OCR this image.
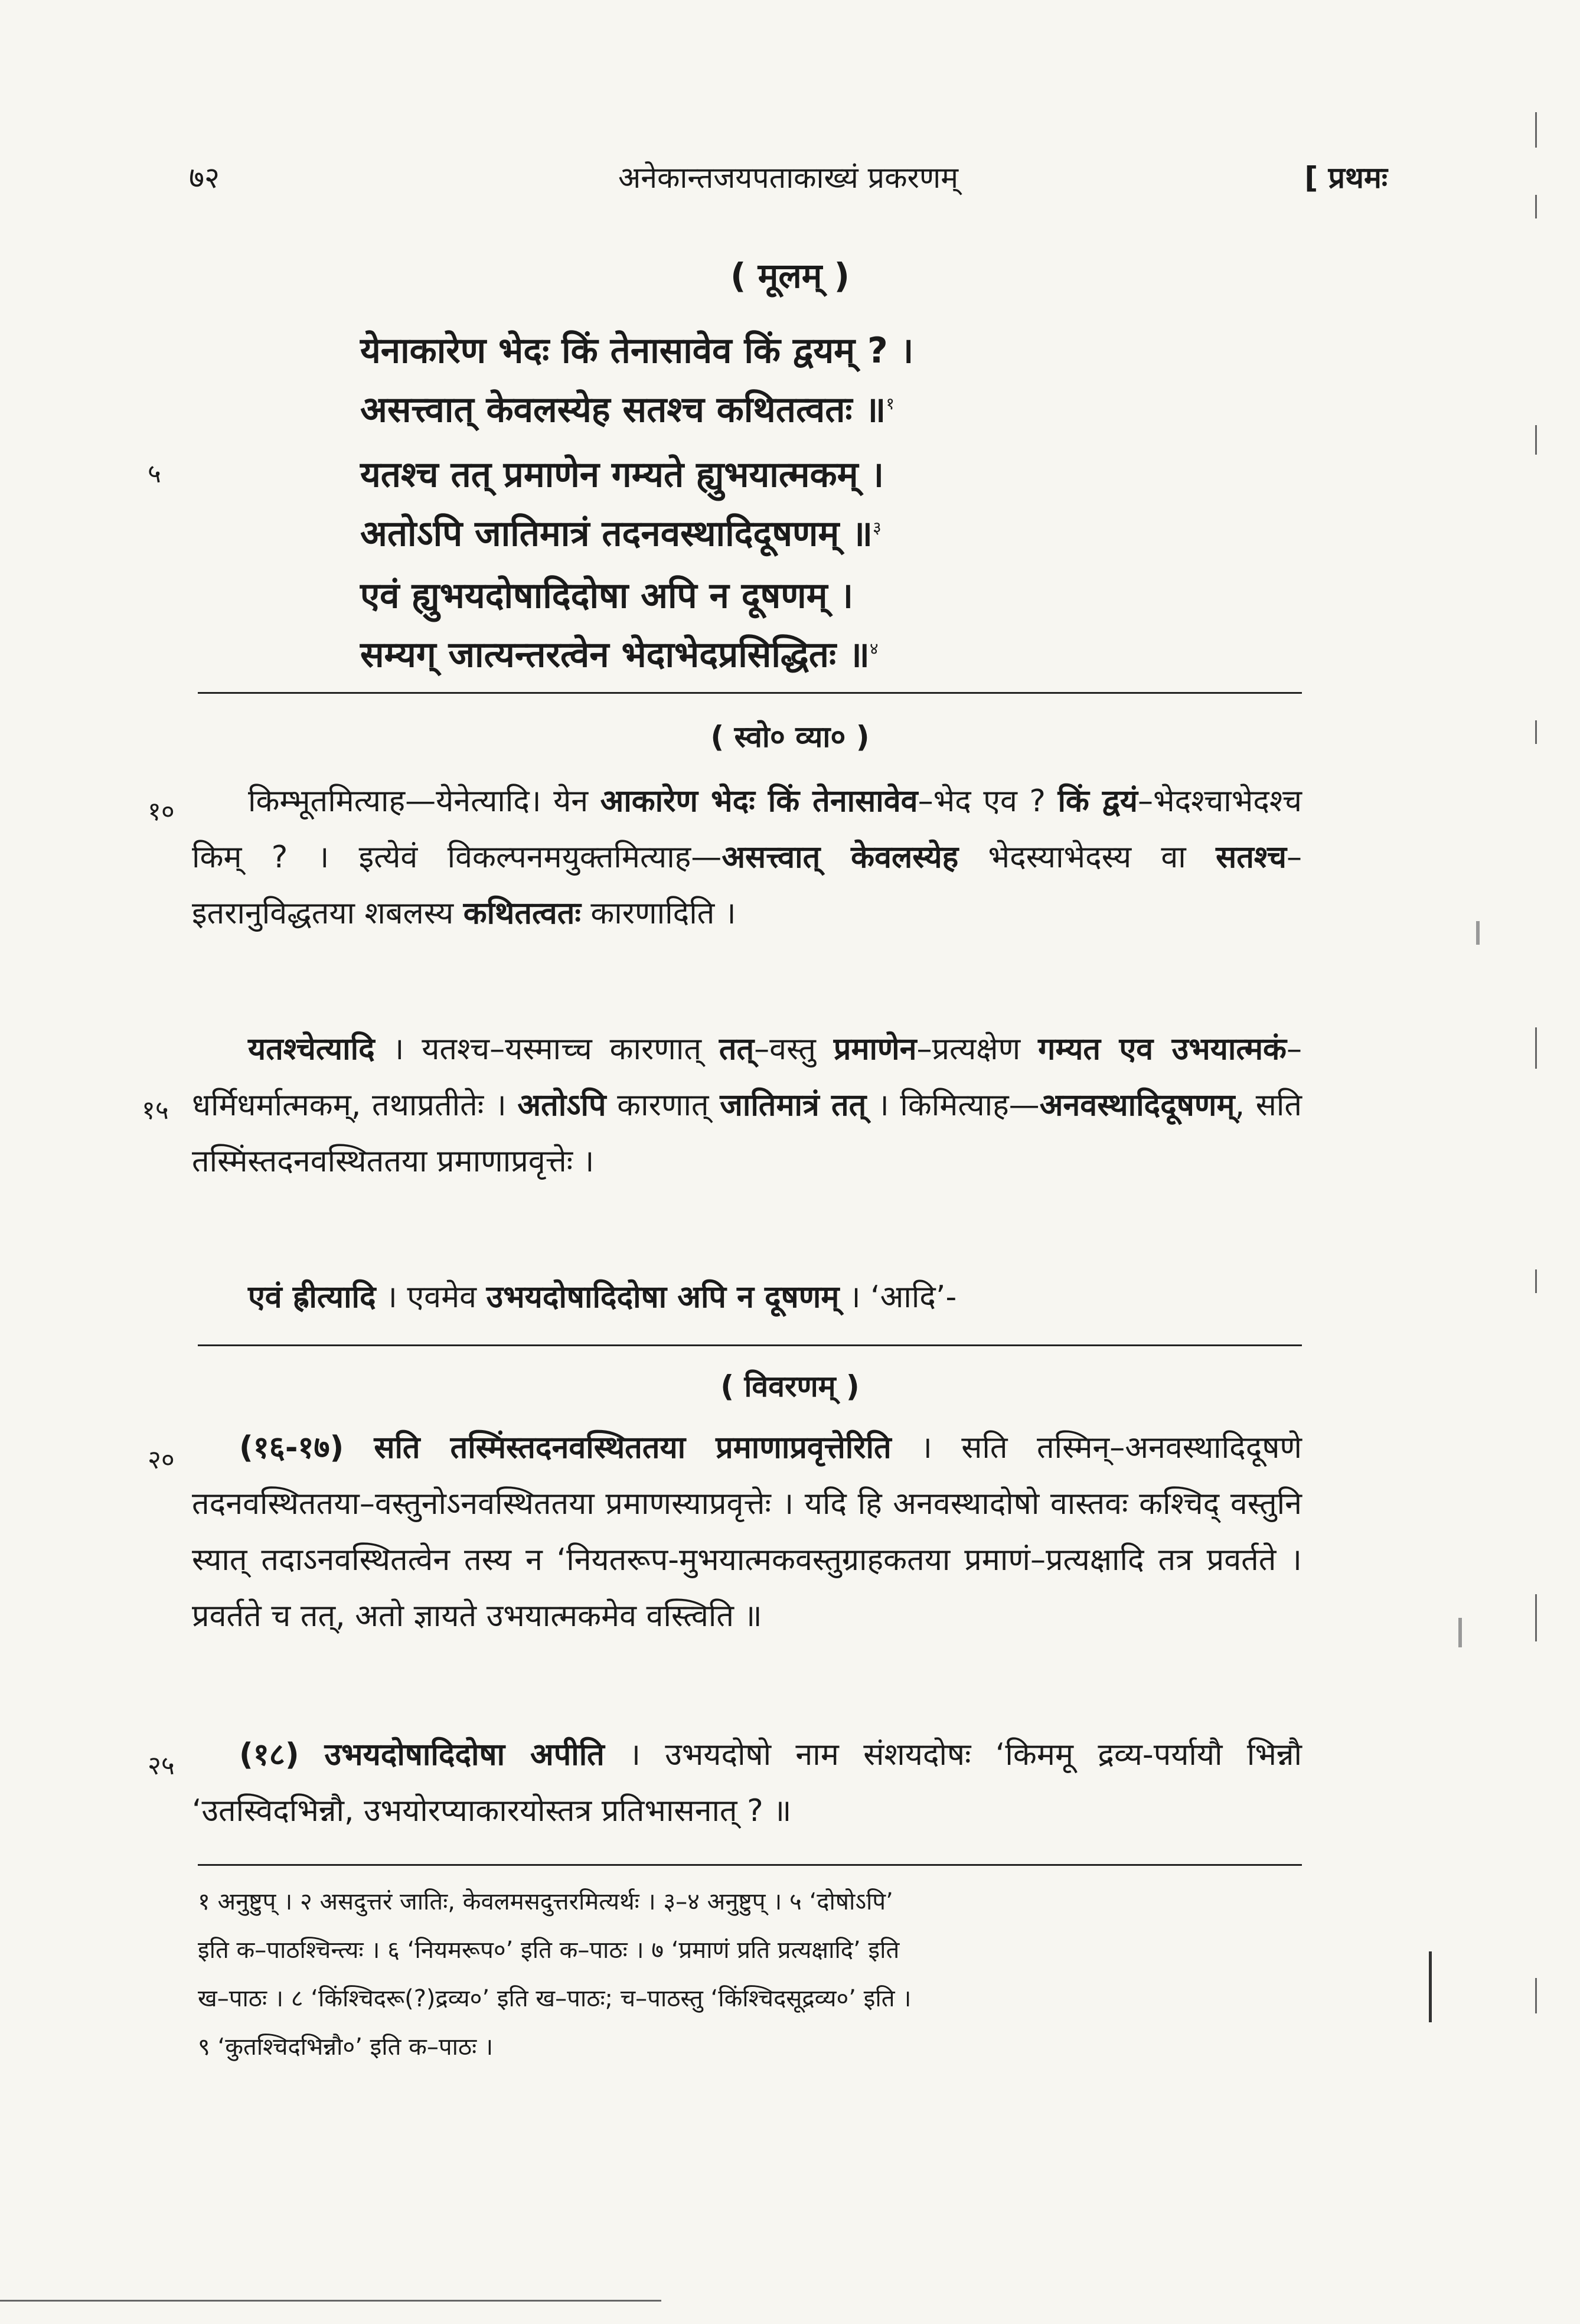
७२	अनेकान्तजयपताकाख्यं प्रकरणम्	[ प्रथमः
( मूलम् )
येनाकारेण भेदः किं तेनासावेव किं द्वयम् ? ।
असत्त्वात् केवलस्येह सतश्च कथितत्वतः ॥$^१$
यतश्च तत् प्रमाणेन गम्यते ह्युभयात्मकम् ।
अतोऽपि जातिमात्रं तदनवस्थादिदूषणम् ॥$^३$
एवं ह्युभयदोषादिदोषा अपि न दूषणम् ।
सम्यग् जात्यन्तरत्वेन भेदाभेदप्रसिद्धितः ॥$^४$
५
( स्वो० व्या० )
१०
१५

किम्भूतमित्याह—येनेत्यादि। येन आकारेण भेदः किं तेनासावेव–भेद एव ? किं द्वयं–भेदश्चाभेदश्च किम् ? । इत्येवं विकल्पनमयुक्तमित्याह—असत्त्वात् केवलस्येह भेदस्याभेदस्य वा सतश्च–इतरानुविद्धतया शबलस्य कथितत्वतः कारणादिति ।

यतश्चेत्यादि । यतश्च–यस्माच्च कारणात् तत्–वस्तु प्रमाणेन–प्रत्यक्षेण गम्यत एव उभयात्मकं–धर्मिधर्मात्मकम्, तथाप्रतीतेः । अतोऽपि कारणात् जातिमात्रं तत् । किमित्याह—अनवस्थादिदूषणम्, सति तस्मिंस्तदनवस्थिततया प्रमाणाप्रवृत्तेः ।

एवं ह्रीत्यादि । एवमेव उभयदोषादिदोषा अपि न दूषणम् । ‘आदि’-

( विवरणम् )
२०
२५

(१६-१७) सति तस्मिंस्तदनवस्थिततया प्रमाणाप्रवृत्तेरिति । सति तस्मिन्–अनवस्थादिदूषणे तदनवस्थिततया–वस्तुनोऽनवस्थिततया प्रमाणस्याप्रवृत्तेः । यदि हि अनवस्थादोषो वास्तवः कश्चिद् वस्तुनि स्यात् तदाऽनवस्थितत्वेन तस्य न ‘नियतरूप-मुभयात्मकवस्तुग्राहकतया प्रमाणं–प्रत्यक्षादि तत्र प्रवर्तते । प्रवर्तते च तत्, अतो ज्ञायते उभयात्मकमेव वस्त्विति ॥

(१८) उभयदोषादिदोषा अपीति । उभयदोषो नाम संशयदोषः ‘किममू द्रव्य-पर्यायौ भिन्नौ ‘उतस्विदभिन्नौ, उभयोरप्याकारयोस्तत्र प्रतिभासनात् ? ॥

१ अनुष्टुप् । २ असदुत्तरं जातिः, केवलमसदुत्तरमित्यर्थः । ३–४ अनुष्टुप् । ५ ‘दोषोऽपि’
इति क–पाठश्चिन्त्यः । ६ ‘नियमरूप०’ इति क–पाठः । ७ ‘प्रमाणं प्रति प्रत्यक्षादि’ इति
ख–पाठः । ८ ‘किंश्चिदरू(?)द्रव्य०’ इति ख–पाठः; च–पाठस्तु ‘किंश्चिदसूद्रव्य०’ इति ।
९ ‘कुतश्चिदभिन्नौ०’ इति क–पाठः ।
